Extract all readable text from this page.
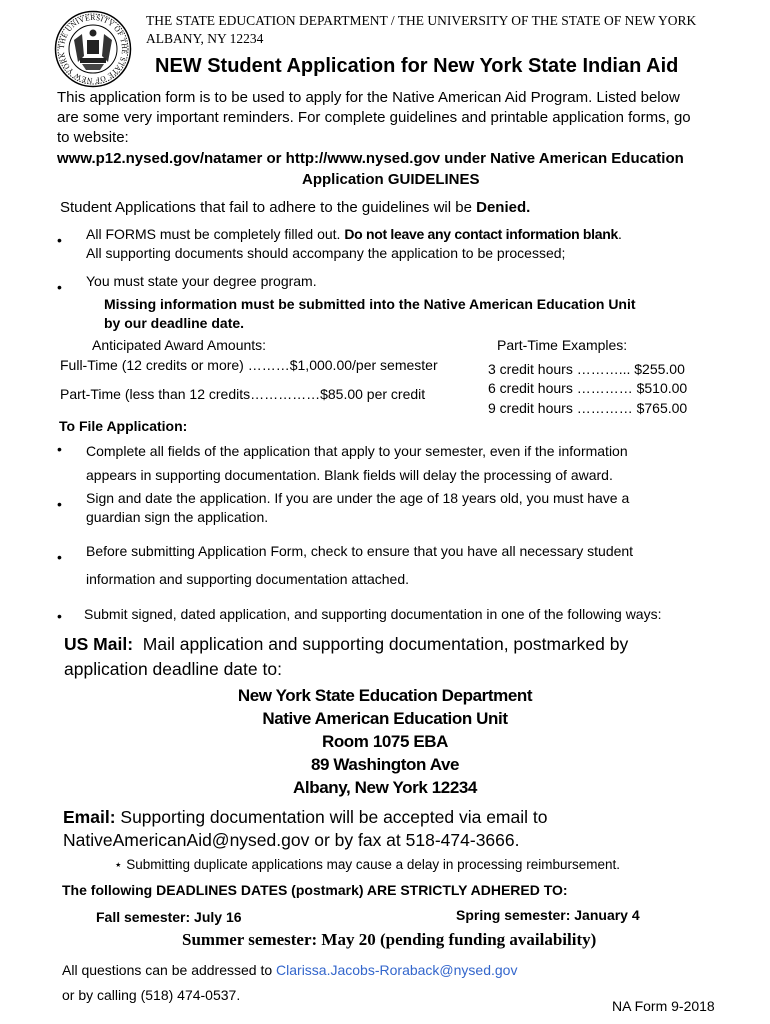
THE UNIVERSITY OF THE STATE OF NEW YORK
THE STATE EDUCATION DEPARTMENT / THE UNIVERSITY OF THE STATE OF NEW YORK
ALBANY, NY 12234
NEW Student Application for New York State Indian Aid
This application form is to be used to apply for the Native American Aid Program. Listed below
are some very important reminders. For complete guidelines and printable application forms, go
to website:
www.p12.nysed.gov/natamer or http://www.nysed.gov under Native American Education
Application GUIDELINES
Student Applications that fail to adhere to the guidelines wil be Denied.
• All FORMS must be completely filled out. Do not leave any contact information blank.
All supporting documents should accompany the application to be processed;
• You must state your degree program.
Missing information must be submitted into the Native American Education Unit
by our deadline date.
Anticipated Award Amounts:
Full-Time (12 credits or more) ………$1,000.00/per semester
Part-Time (less than 12 credits……………$85.00 per credit
Part-Time Examples:
3 credit hours ………... $255.00
6 credit hours ………… $510.00
9 credit hours ………… $765.00
To File Application:
• Complete all fields of the application that apply to your semester, even if the information
appears in supporting documentation. Blank fields will delay the processing of award.
• Sign and date the application. If you are under the age of 18 years old, you must have a
guardian sign the application.
• Before submitting Application Form, check to ensure that you have all necessary student
information and supporting documentation attached.
• Submit signed, dated application, and supporting documentation in one of the following ways:
US Mail: Mail application and supporting documentation, postmarked by
application deadline date to:
New York State Education Department
Native American Education Unit
Room 1075 EBA
89 Washington Ave
Albany, New York 12234
Email: Supporting documentation will be accepted via email to
NativeAmericanAid@nysed.gov or by fax at 518-474-3666.
⋆ Submitting duplicate applications may cause a delay in processing reimbursement.
The following DEADLINES DATES (postmark) ARE STRICTLY ADHERED TO:
Fall semester: July 16	Spring semester: January 4
Summer semester: May 20 (pending funding availability)
All questions can be addressed to Clarissa.Jacobs-Roraback@nysed.gov
or by calling (518) 474-0537.
NA Form 9-2018
